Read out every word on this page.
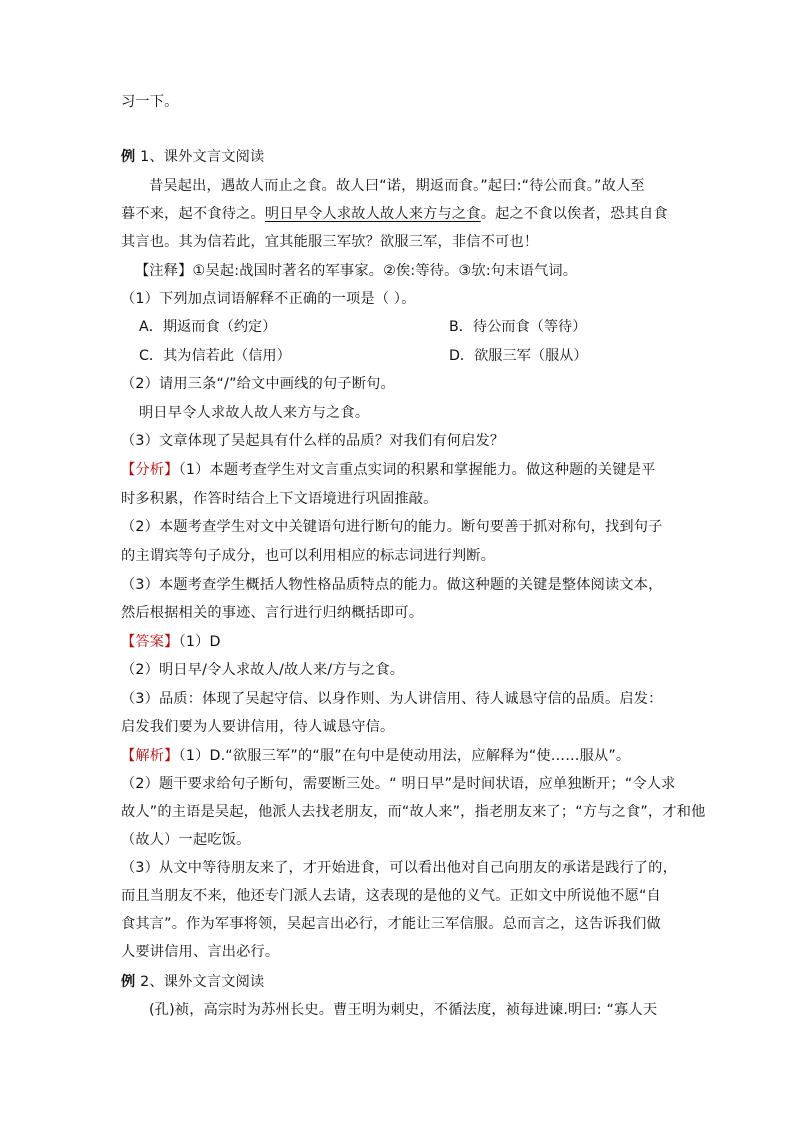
习一下。
例 1、课外文言文阅读
昔吴起出，遇故人而止之食。故人曰“诺，期返而食。”起曰:“待公而食。”故人至
暮不来，起不食待之。明日早令人求故人故人来方与之食。起之不食以俟者，恐其自食
其言也。其为信若此，宜其能服三军欤？欲服三军，非信不可也！
【注释】①吴起:战国时著名的军事家。②俟:等待。③欤:句末语气词。
（1）下列加点词语解释不正确的一项是（ ）。
A．期返而食（约定）	B．待公而食（等待）
C．其为信若此（信用）	D．欲服三军（服从）
（2）请用三条“/”给文中画线的句子断句。
明日早令人求故人故人来方与之食。
（3）文章体现了吴起具有什么样的品质？对我们有何启发？
【分析】（1）本题考查学生对文言重点实词的积累和掌握能力。做这种题的关键是平
时多积累，作答时结合上下文语境进行巩固推敲。
（2）本题考查学生对文中关键语句进行断句的能力。断句要善于抓对称句，找到句子
的主谓宾等句子成分，也可以利用相应的标志词进行判断。
（3）本题考查学生概括人物性格品质特点的能力。做这种题的关键是整体阅读文本，
然后根据相关的事迹、言行进行归纳概括即可。
【答案】（1）D
（2）明日早/令人求故人/故人来/方与之食。
（3）品质：体现了吴起守信、以身作则、为人讲信用、待人诚恳守信的品质。启发：
启发我们要为人要讲信用，待人诚恳守信。
【解析】（1）D.“欲服三军”的“服”在句中是使动用法，应解释为“使……服从”。
（2）题干要求给句子断句，需要断三处。“ 明日早”是时间状语，应单独断开；“令人求
故人”的主语是吴起，他派人去找老朋友，而“故人来”，指老朋友来了；“方与之食”，才和他
（故人）一起吃饭。
（3）从文中等待朋友来了，才开始进食，可以看出他对自己向朋友的承诺是践行了的，
而且当朋友不来，他还专门派人去请，这表现的是他的义气。正如文中所说他不愿“自
食其言”。作为军事将领，吴起言出必行，才能让三军信服。总而言之，这告诉我们做
人要讲信用、言出必行。
例 2、课外文言文阅读
(孔)祯，高宗时为苏州长史。曹王明为刺史，不循法度，祯每进谏.明曰: “寡人天
